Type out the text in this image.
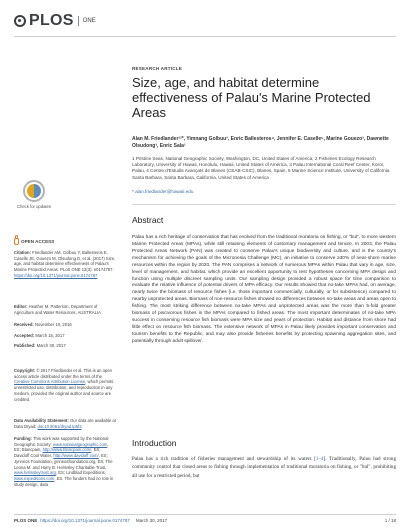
PLOS	ONE
Check for updates
OPEN ACCESS
Citation: Friedlander AM, Golbuu Y, Ballesteros E, Caselle JE, Gouezo M, Olsudong D, et al. (2017) Size, age, and habitat determine effectiveness of Palau's Marine Protected Areas. PLoS ONE 12(3): e0174787. https://doi.org/10.1371/journal.pone.0174787
Editor: Heather M. Patterson, Department of Agriculture and Water Resources, AUSTRALIA
Received: November 10, 2016
Accepted: March 15, 2017
Published: March 30, 2017
Copyright: © 2017 Friedlander et al. This is an open access article distributed under the terms of the Creative Commons Attribution License, which permits unrestricted use, distribution, and reproduction in any medium, provided the original author and source are credited.
Data Availability Statement: Our data are available at Data Dryad: doi:10.5061/dryad.tp5f2.
Funding: This work was supported by the National Geographic Society: www.nationalgeographic.com, ES; Blancpain, http://www.blancpain.com/, ES; Davidoff Cool Water, http://www.davidoff.com/, ES; Jynneos Foundation, jynneosfoundation.org, ES; The Leona M. and Harry B. Helmsley Charitable Trust, www.helmsleytrust.org, ES; Lindblad Expeditions, www.expeditions.com, ES. The funders had no role in study design, data
RESEARCH ARTICLE
Size, age, and habitat determine effectiveness of Palau's Marine Protected Areas
Alan M. Friedlander¹²*, Yimnang Golbuu³, Enric Ballesteros⁴, Jennifer E. Caselle⁵, Marine Gouezo³, Dawnette Olsudong³, Enric Sala¹
1 Pristine Seas, National Geographic Society, Washington, DC, United States of America, 2 Fisheries Ecology Research Laboratory, University of Hawaii, Honolulu, Hawaii, United States of America, 3 Palau International Coral Reef Center, Koror, Palau, 4 Centre d'Estudis Avançats de Blanes (CEAB-CSIC), Blanes, Spain, 5 Marine Science Institute, University of California Santa Barbara, Santa Barbara, California, United States of America
* alan.friedlander@hawaii.edu
Abstract

Palau has a rich heritage of conservation that has evolved from the traditional moratoria on fishing, or "bul", to more western Marine Protected Areas (MPAs), while still retaining elements of customary management and tenure. In 2003, the Palau Protected Areas Network (PAN) was created to conserve Palau's unique biodiversity and culture, and is the country's mechanism for achieving the goals of the Micronesia Challenge (MC), an initiative to conserve ≥30% of near-shore marine resources within the region by 2020. The PAN comprises a network of numerous MPAs within Palau that vary in age, size, level of management, and habitat, which provide an excellent opportunity to test hypotheses concerning MPA design and function using multiple discreet sampling units. Our sampling design provided a robust space for time comparison to evaluate the relative influence of potential drivers of MPA efficacy. Our results showed that no-take MPAs had, on average, nearly twice the biomass of resource fishes (i.e. those important commercially, culturally, or for subsistence) compared to nearby unprotected areas. Biomass of non-resource fishes showed no differences between no-take areas and areas open to fishing. The most striking difference between no-take MPAs and unprotected areas was the more than 5-fold greater biomass of piscivorous fishes in the MPAs compared to fished areas. The most important determinates of no-take MPA success in conserving resource fish biomass were MPA size and years of protection. Habitat and distance from shore had little effect on resource fish biomass. The extensive network of MPAs in Palau likely provides important conservation and tourism benefits to the Republic, and may also provide fisheries benefits by protecting spawning aggregation sites, and potentially through adult spillover.

Introduction

Palau has a rich tradition of fisheries management and stewardship of its waters [1–4]. Traditionally, Palau had strong community control that closed areas to fishing through implementation of traditional moratoria on fishing, or "bul", prohibiting all use for a restricted period, but

PLOS ONE https://doi.org/10.1371/journal.pone.0174787 March 30, 2017	1 / 18
